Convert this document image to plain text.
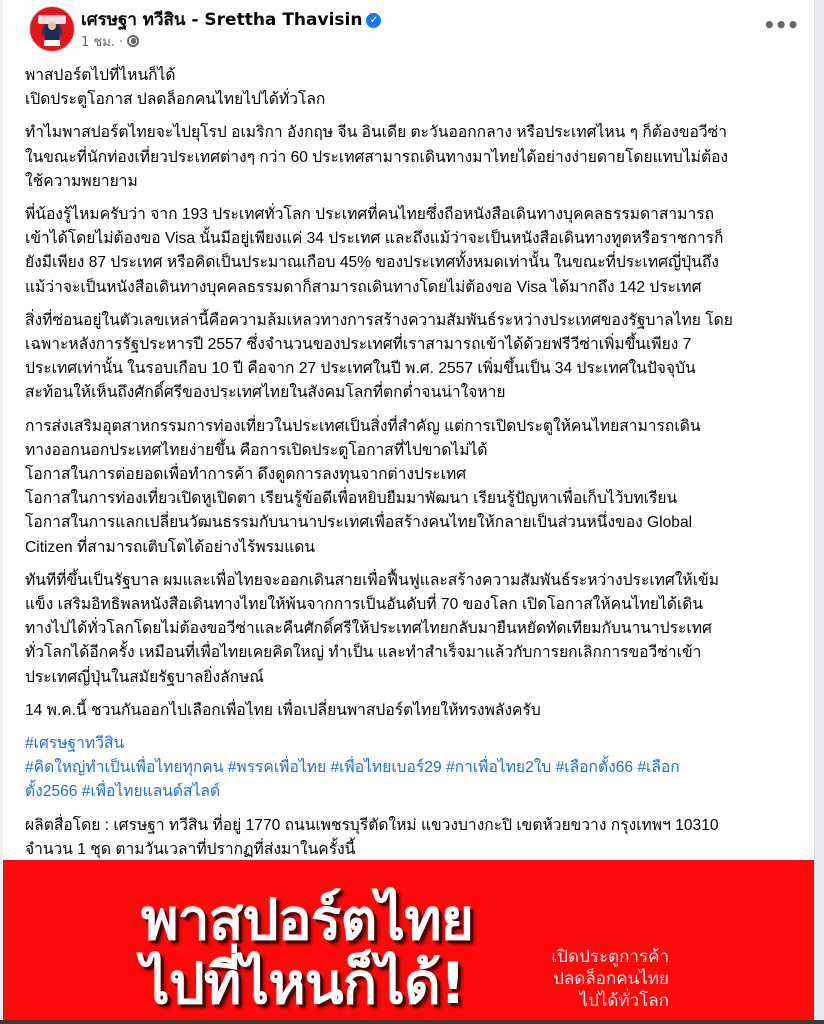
เศรษฐา ทวีสิน - Srettha Thavisin ✓
1 ชม. ·
•••

พาสปอร์ตไปที่ไหนก็ได้
เปิดประตูโอกาส ปลดล็อกคนไทยไปได้ทั่วโลก

ทำไมพาสปอร์ตไทยจะไปยุโรป อเมริกา อังกฤษ จีน อินเดีย ตะวันออกกลาง หรือประเทศไหน ๆ ก็ต้องขอวีซ่า
ในขณะที่นักท่องเที่ยวประเทศต่างๆ กว่า 60 ประเทศสามารถเดินทางมาไทยได้อย่างง่ายดายโดยแทบไม่ต้อง
ใช้ความพยายาม

พี่น้องรู้ไหมครับว่า จาก 193 ประเทศทั่วโลก ประเทศที่คนไทยซึ่งถือหนังสือเดินทางบุคคลธรรมดาสามารถ
เข้าได้โดยไม่ต้องขอ Visa นั้นมีอยู่เพียงแค่ 34 ประเทศ และถึงแม้ว่าจะเป็นหนังสือเดินทางทูตหรือราชการก็
ยังมีเพียง 87 ประเทศ หรือคิดเป็นประมาณเกือบ 45% ของประเทศทั้งหมดเท่านั้น ในขณะที่ประเทศญี่ปุ่นถึง
แม้ว่าจะเป็นหนังสือเดินทางบุคคลธรรมดาก็สามารถเดินทางโดยไม่ต้องขอ Visa ได้มากถึง 142 ประเทศ

สิ่งที่ซ่อนอยู่ในตัวเลขเหล่านี้คือความล้มเหลวทางการสร้างความสัมพันธ์ระหว่างประเทศของรัฐบาลไทย โดย
เฉพาะหลังการรัฐประหารปี 2557 ซึ่งจำนวนของประเทศที่เราสามารถเข้าได้ด้วยฟรีวีซ่าเพิ่มขึ้นเพียง 7
ประเทศเท่านั้น ในรอบเกือบ 10 ปี คือจาก 27 ประเทศในปี พ.ศ. 2557 เพิ่มขึ้นเป็น 34 ประเทศในปัจจุบัน
สะท้อนให้เห็นถึงศักดิ์ศรีของประเทศไทยในสังคมโลกที่ตกต่ำจนน่าใจหาย

การส่งเสริมอุตสาหกรรมการท่องเที่ยวในประเทศเป็นสิ่งที่สำคัญ แต่การเปิดประตูให้คนไทยสามารถเดิน
ทางออกนอกประเทศไทยง่ายขึ้น คือการเปิดประตูโอกาสที่ไปขาดไม่ได้
โอกาสในการต่อยอดเพื่อทำการค้า ดึงดูดการลงทุนจากต่างประเทศ
โอกาสในการท่องเที่ยวเปิดหูเปิดตา เรียนรู้ข้อดีเพื่อหยิบยืมมาพัฒนา เรียนรู้ปัญหาเพื่อเก็บไว้บทเรียน
โอกาสในการแลกเปลี่ยนวัฒนธรรมกับนานาประเทศเพื่อสร้างคนไทยให้กลายเป็นส่วนหนึ่งของ Global
Citizen ที่สามารถเติบโตได้อย่างไร้พรมแดน

ทันทีที่ขึ้นเป็นรัฐบาล ผมและเพื่อไทยจะออกเดินสายเพื่อฟื้นฟูและสร้างความสัมพันธ์ระหว่างประเทศให้เข้ม
แข็ง เสริมอิทธิพลหนังสือเดินทางไทยให้พ้นจากการเป็นอันดับที่ 70 ของโลก เปิดโอกาสให้คนไทยได้เดิน
ทางไปได้ทั่วโลกโดยไม่ต้องขอวีซ่าและคืนศักดิ์ศรีให้ประเทศไทยกลับมายืนหยัดทัดเทียมกับนานาประเทศ
ทั่วโลกได้อีกครั้ง เหมือนที่เพื่อไทยเคยคิดใหญ่ ทำเป็น และทำสำเร็จมาแล้วกับการยกเลิกการขอวีซ่าเข้า
ประเทศญี่ปุ่นในสมัยรัฐบาลยิ่งลักษณ์

14 พ.ค.นี้ ชวนกันออกไปเลือกเพื่อไทย เพื่อเปลี่ยนพาสปอร์ตไทยให้ทรงพลังครับ

#เศรษฐาทวีสิน
#คิดใหญ่ทำเป็นเพื่อไทยทุกคน #พรรคเพื่อไทย #เพื่อไทยเบอร์29 #กาเพื่อไทย2ใบ #เลือกตั้ง66 #เลือก
ตั้ง2566 #เพื่อไทยแลนด์สไลด์

ผลิตสื่อโดย : เศรษฐา ทวีสิน ที่อยู่ 1770 ถนนเพชรบุรีตัดใหม่ แขวงบางกะปิ เขตห้วยขวาง กรุงเทพฯ 10310
จำนวน 1 ชุด ตามวันเวลาที่ปรากฏที่ส่งมาในครั้งนี้

พาสปอร์ตไทย
ไปที่ไหนก็ได้!	เปิดประตูการค้า
ปลดล็อกคนไทย
ไปได้ทั่วโลก
